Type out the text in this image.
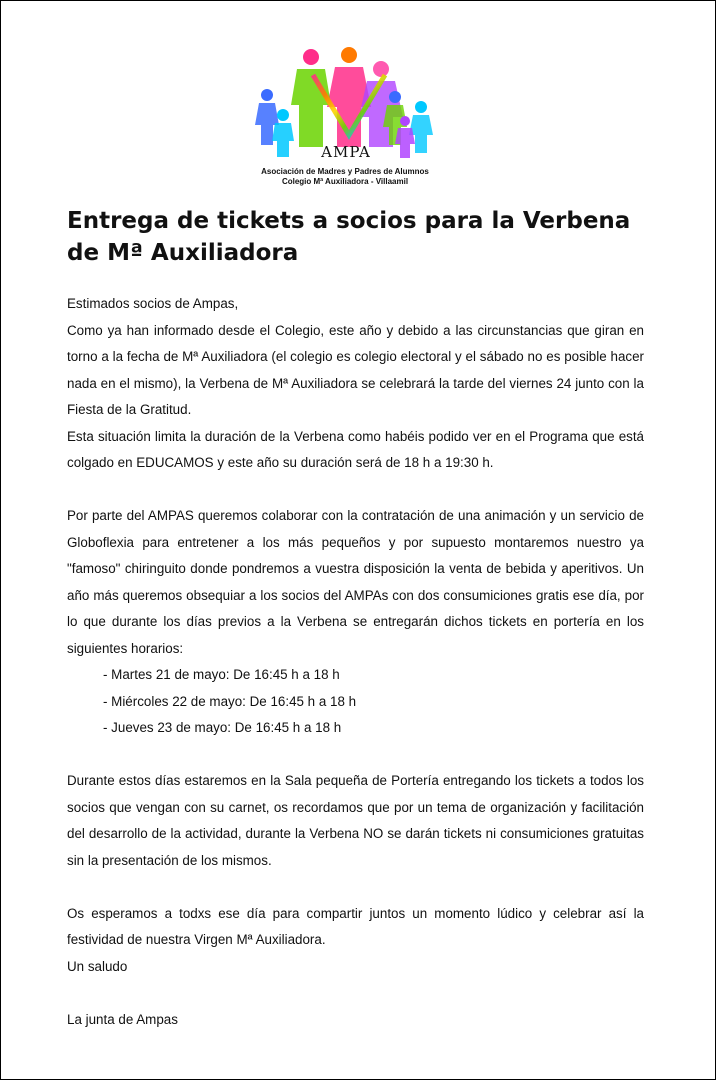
AMPA
Asociación de Madres y Padres de Alumnos
Colegio Mª Auxiliadora - Villaamil
Entrega de tickets a socios para la Verbena de Mª Auxiliadora

Estimados socios de Ampas,

Como ya han informado desde el Colegio, este año y debido a las circunstancias que giran en torno a la fecha de Mª Auxiliadora (el colegio es colegio electoral y el sábado no es posible hacer nada en el mismo), la Verbena de Mª Auxiliadora se celebrará la tarde del viernes 24 junto con la Fiesta de la Gratitud.

Esta situación limita la duración de la Verbena como habéis podido ver en el Programa que está colgado en EDUCAMOS y este año su duración será de 18 h a 19:30 h.

Por parte del AMPAS queremos colaborar con la contratación de una animación y un servicio de Globoflexia para entretener a los más pequeños y por supuesto montaremos nuestro ya "famoso" chiringuito donde pondremos a vuestra disposición la venta de bebida y aperitivos. Un año más queremos obsequiar a los socios del AMPAs con dos consumiciones gratis ese día, por lo que durante los días previos a la Verbena se entregarán dichos tickets en portería en los siguientes horarios:

- Martes 21 de mayo: De 16:45 h a 18 h

- Miércoles 22 de mayo: De 16:45 h a 18 h

- Jueves 23 de mayo: De 16:45 h a 18 h

Durante estos días estaremos en la Sala pequeña de Portería entregando los tickets a todos los socios que vengan con su carnet, os recordamos que por un tema de organización y facilitación del desarrollo de la actividad, durante la Verbena NO se darán tickets ni consumiciones gratuitas sin la presentación de los mismos.

Os esperamos a todxs ese día para compartir juntos un momento lúdico y celebrar así la festividad de nuestra Virgen Mª Auxiliadora.

Un saludo

La junta de Ampas
